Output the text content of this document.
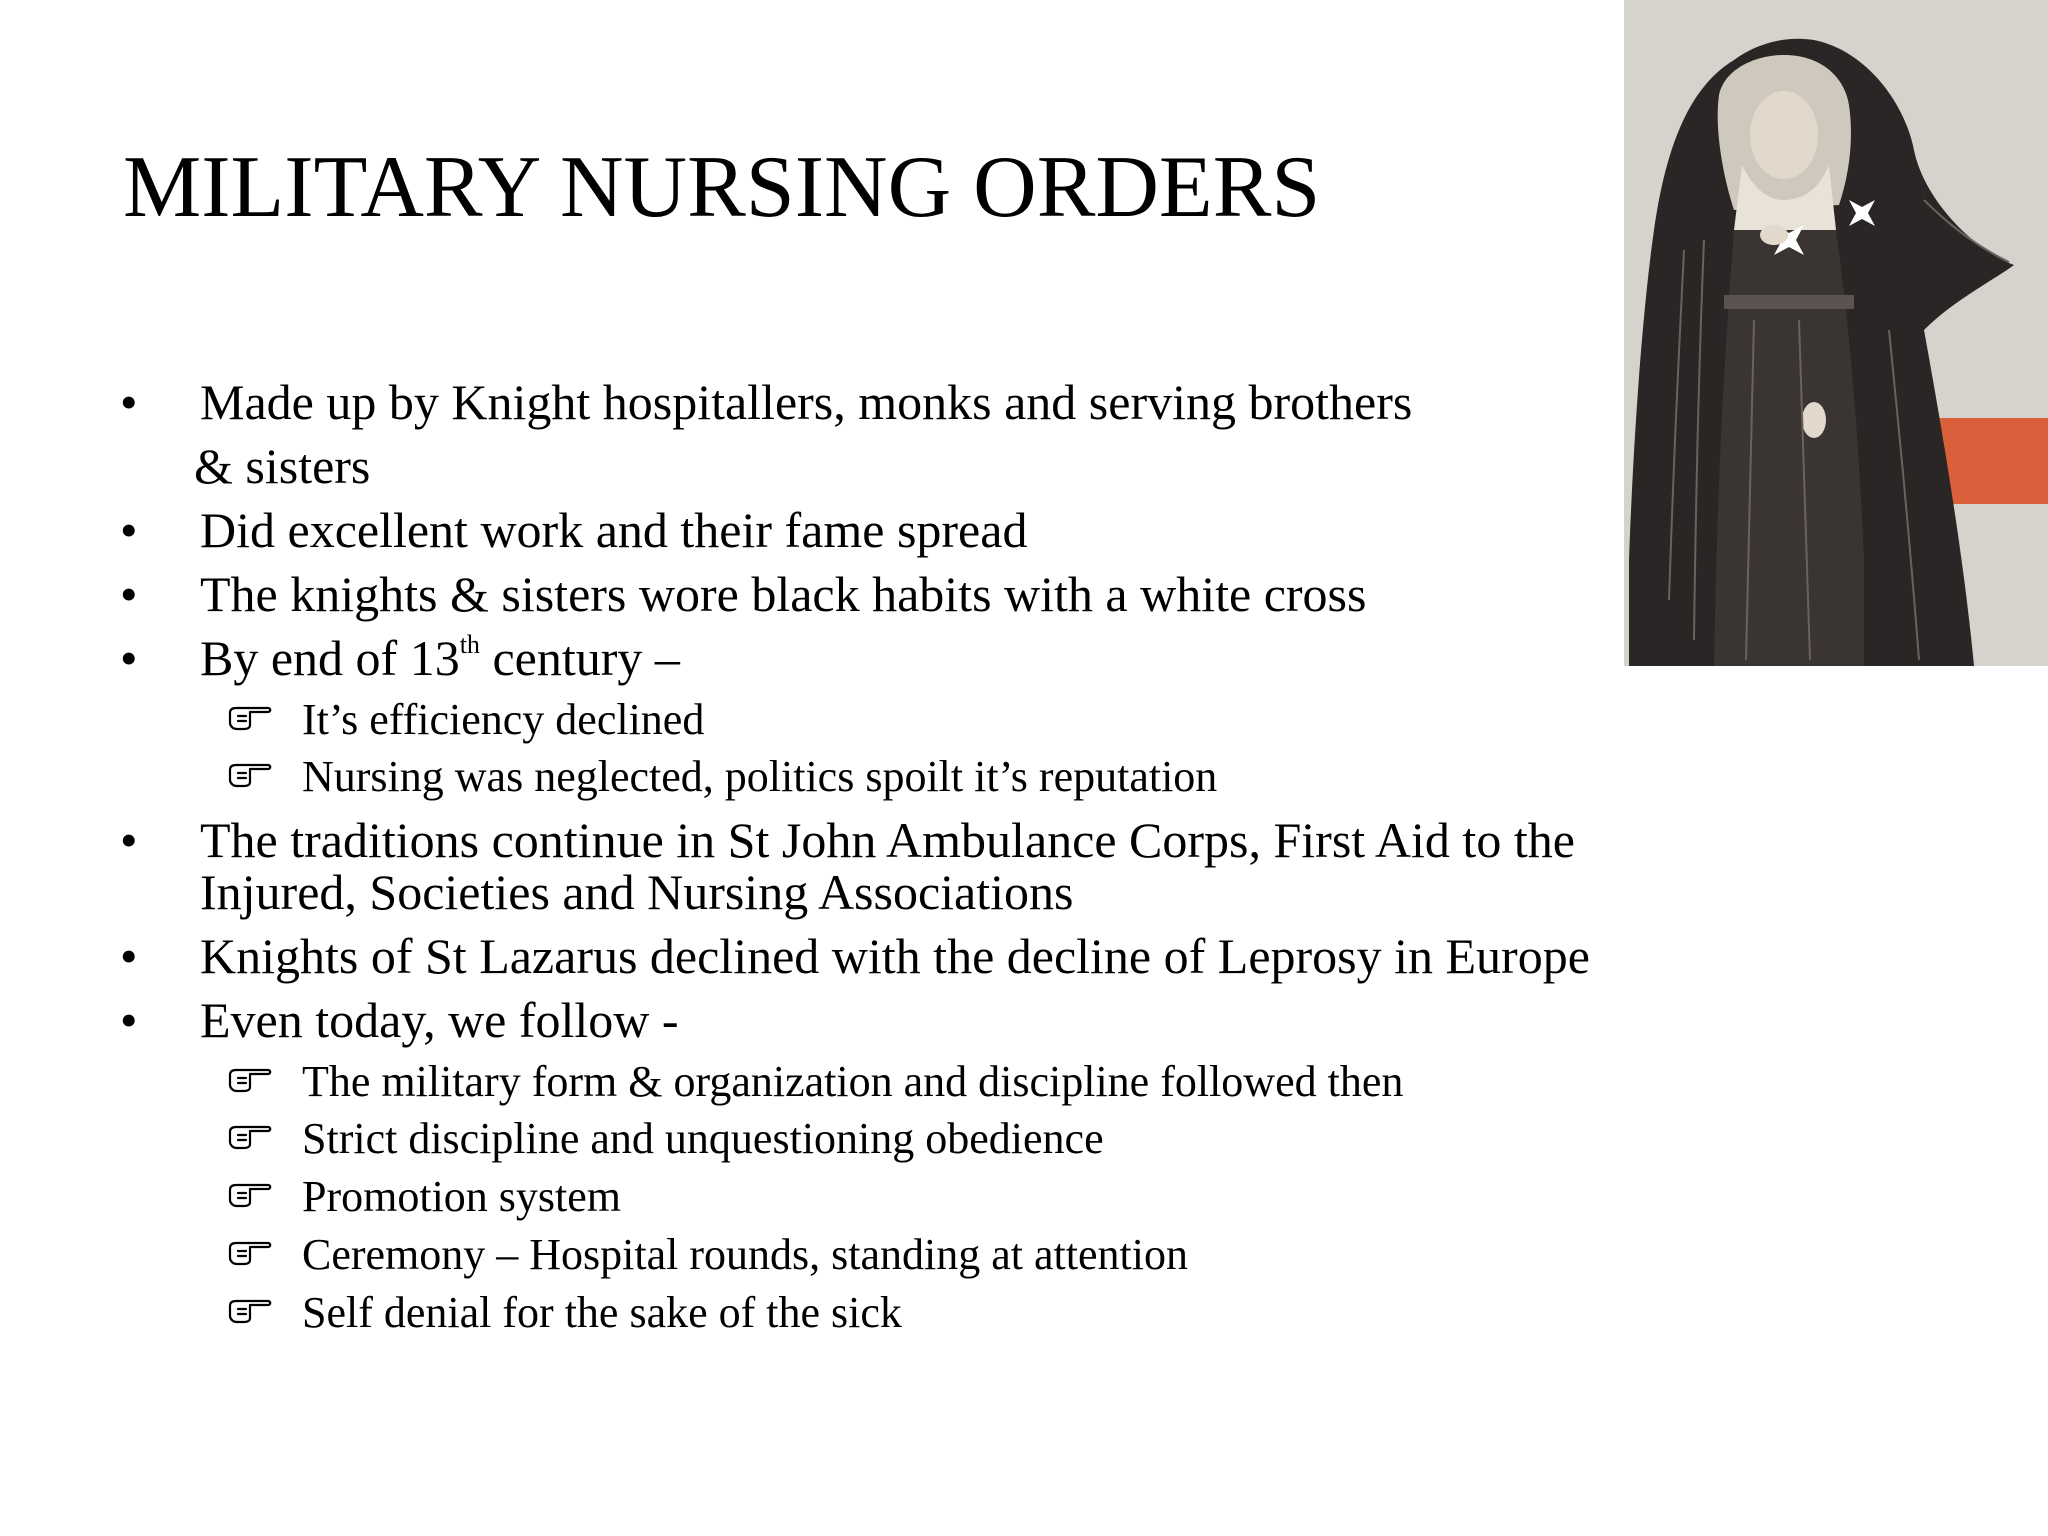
MILITARY NURSING ORDERS
• Made up by Knight hospitallers, monks and serving brothers
& sisters
• Did excellent work and their fame spread
• The knights & sisters wore black habits with a white cross
• By end of 13th century –
It’s efficiency declined
Nursing was neglected, politics spoilt it’s reputation
• The traditions continue in St John Ambulance Corps, First Aid to the
Injured, Societies and Nursing Associations
• Knights of St Lazarus declined with the decline of Leprosy in Europe
• Even today, we follow -
The military form & organization and discipline followed then
Strict discipline and unquestioning obedience
Promotion system
Ceremony – Hospital rounds, standing at attention
Self denial for the sake of the sick
